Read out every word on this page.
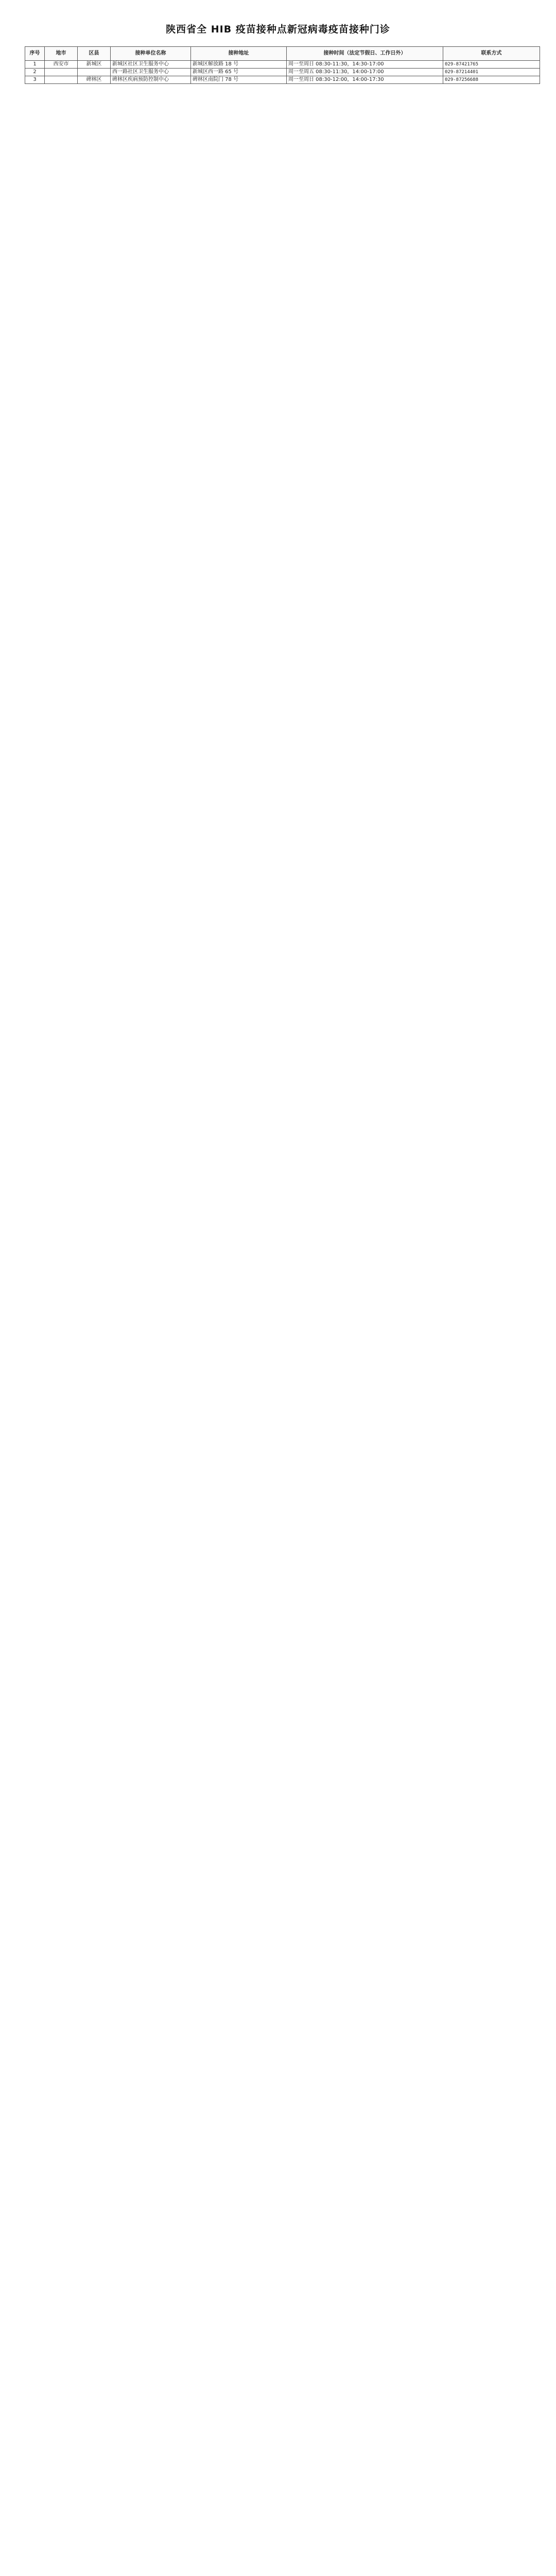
陕西省全 HIB 疫苗接种点新冠病毒疫苗接种门诊
序号	地市	区县	接种单位名称	接种地址	接种时间（法定节假日、工作日外）	联系方式
1	西安市	新城区	新城区社区卫生服务中心	新城区解放路 18 号	周一至周日 08:30-11:30，14:30-17:00	029-87421765
2			西一路社区卫生服务中心	新城区西一路 65 号	周一至周五 08:30-11:30，14:00-17:00	029-87214401
3		碑林区	碑林区疾病预防控制中心	碑林区南院门 78 号	周一至周日 08:30-12:00，14:00-17:30	029-87256688
